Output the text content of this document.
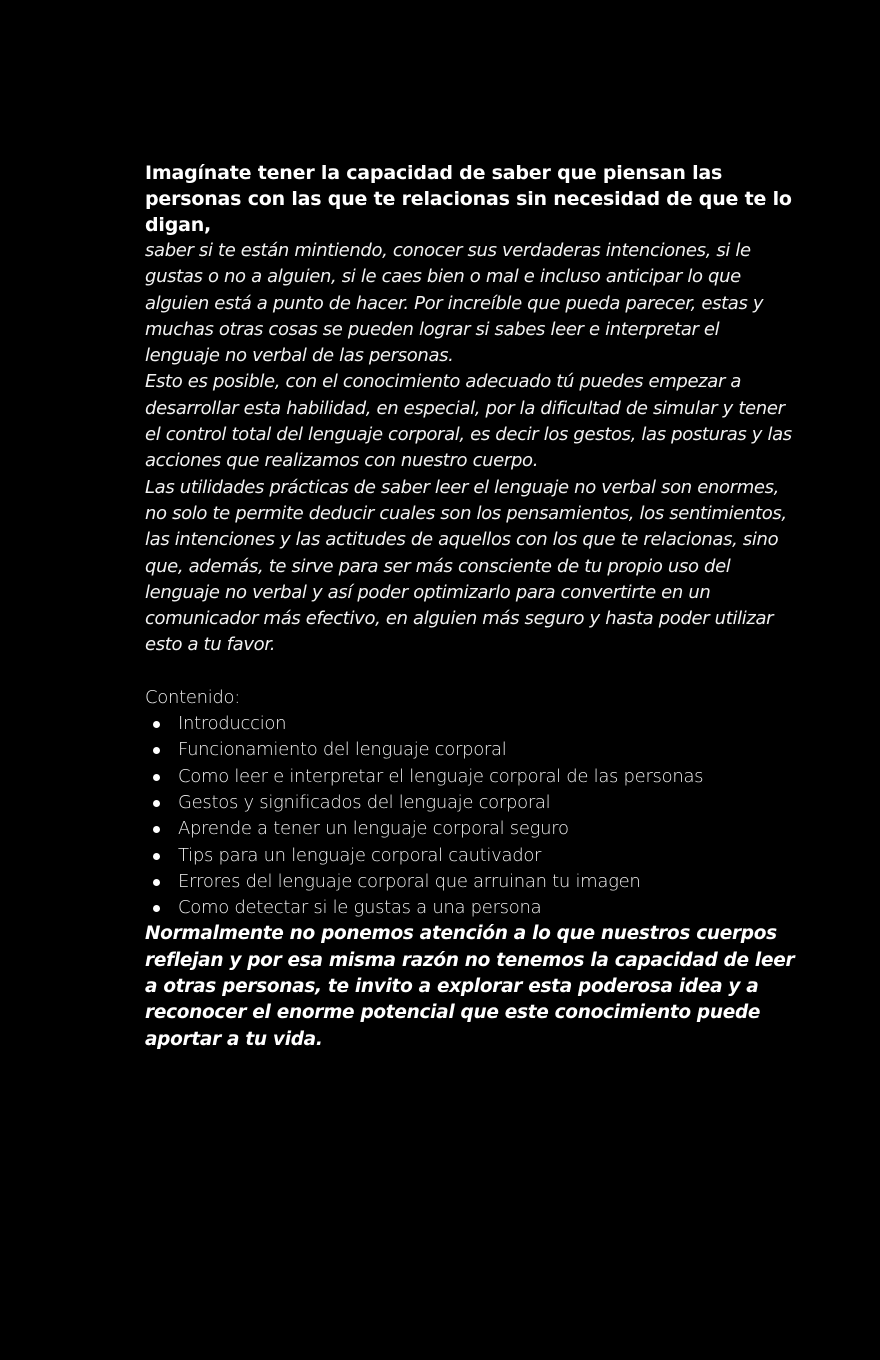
Imagínate tener la capacidad de saber que piensan las personas con las que te relacionas sin necesidad de que te lo digan,

saber si te están mintiendo, conocer sus verdaderas intenciones, si le gustas o no a alguien, si le caes bien o mal e incluso anticipar lo que alguien está a punto de hacer. Por increíble que pueda parecer, estas y muchas otras cosas se pueden lograr si sabes leer e interpretar el lenguaje no verbal de las personas.

Esto es posible, con el conocimiento adecuado tú puedes empezar a desarrollar esta habilidad, en especial, por la dificultad de simular y tener el control total del lenguaje corporal, es decir los gestos, las posturas y las acciones que realizamos con nuestro cuerpo.

Las utilidades prácticas de saber leer el lenguaje no verbal son enormes, no solo te permite deducir cuales son los pensamientos, los sentimientos, las intenciones y las actitudes de aquellos con los que te relacionas, sino que, además, te sirve para ser más consciente de tu propio uso del lenguaje no verbal y así poder optimizarlo para convertirte en un comunicador más efectivo, en alguien más seguro y hasta poder utilizar esto a tu favor.

Contenido:

Introduccion
Funcionamiento del lenguaje corporal
Como leer e interpretar el lenguaje corporal de las personas
Gestos y significados del lenguaje corporal
Aprende a tener un lenguaje corporal seguro
Tips para un lenguaje corporal cautivador
Errores del lenguaje corporal que arruinan tu imagen
Como detectar si le gustas a una persona

Normalmente no ponemos atención a lo que nuestros cuerpos reflejan y por esa misma razón no tenemos la capacidad de leer a otras personas, te invito a explorar esta poderosa idea y a reconocer el enorme potencial que este conocimiento puede aportar a tu vida.
